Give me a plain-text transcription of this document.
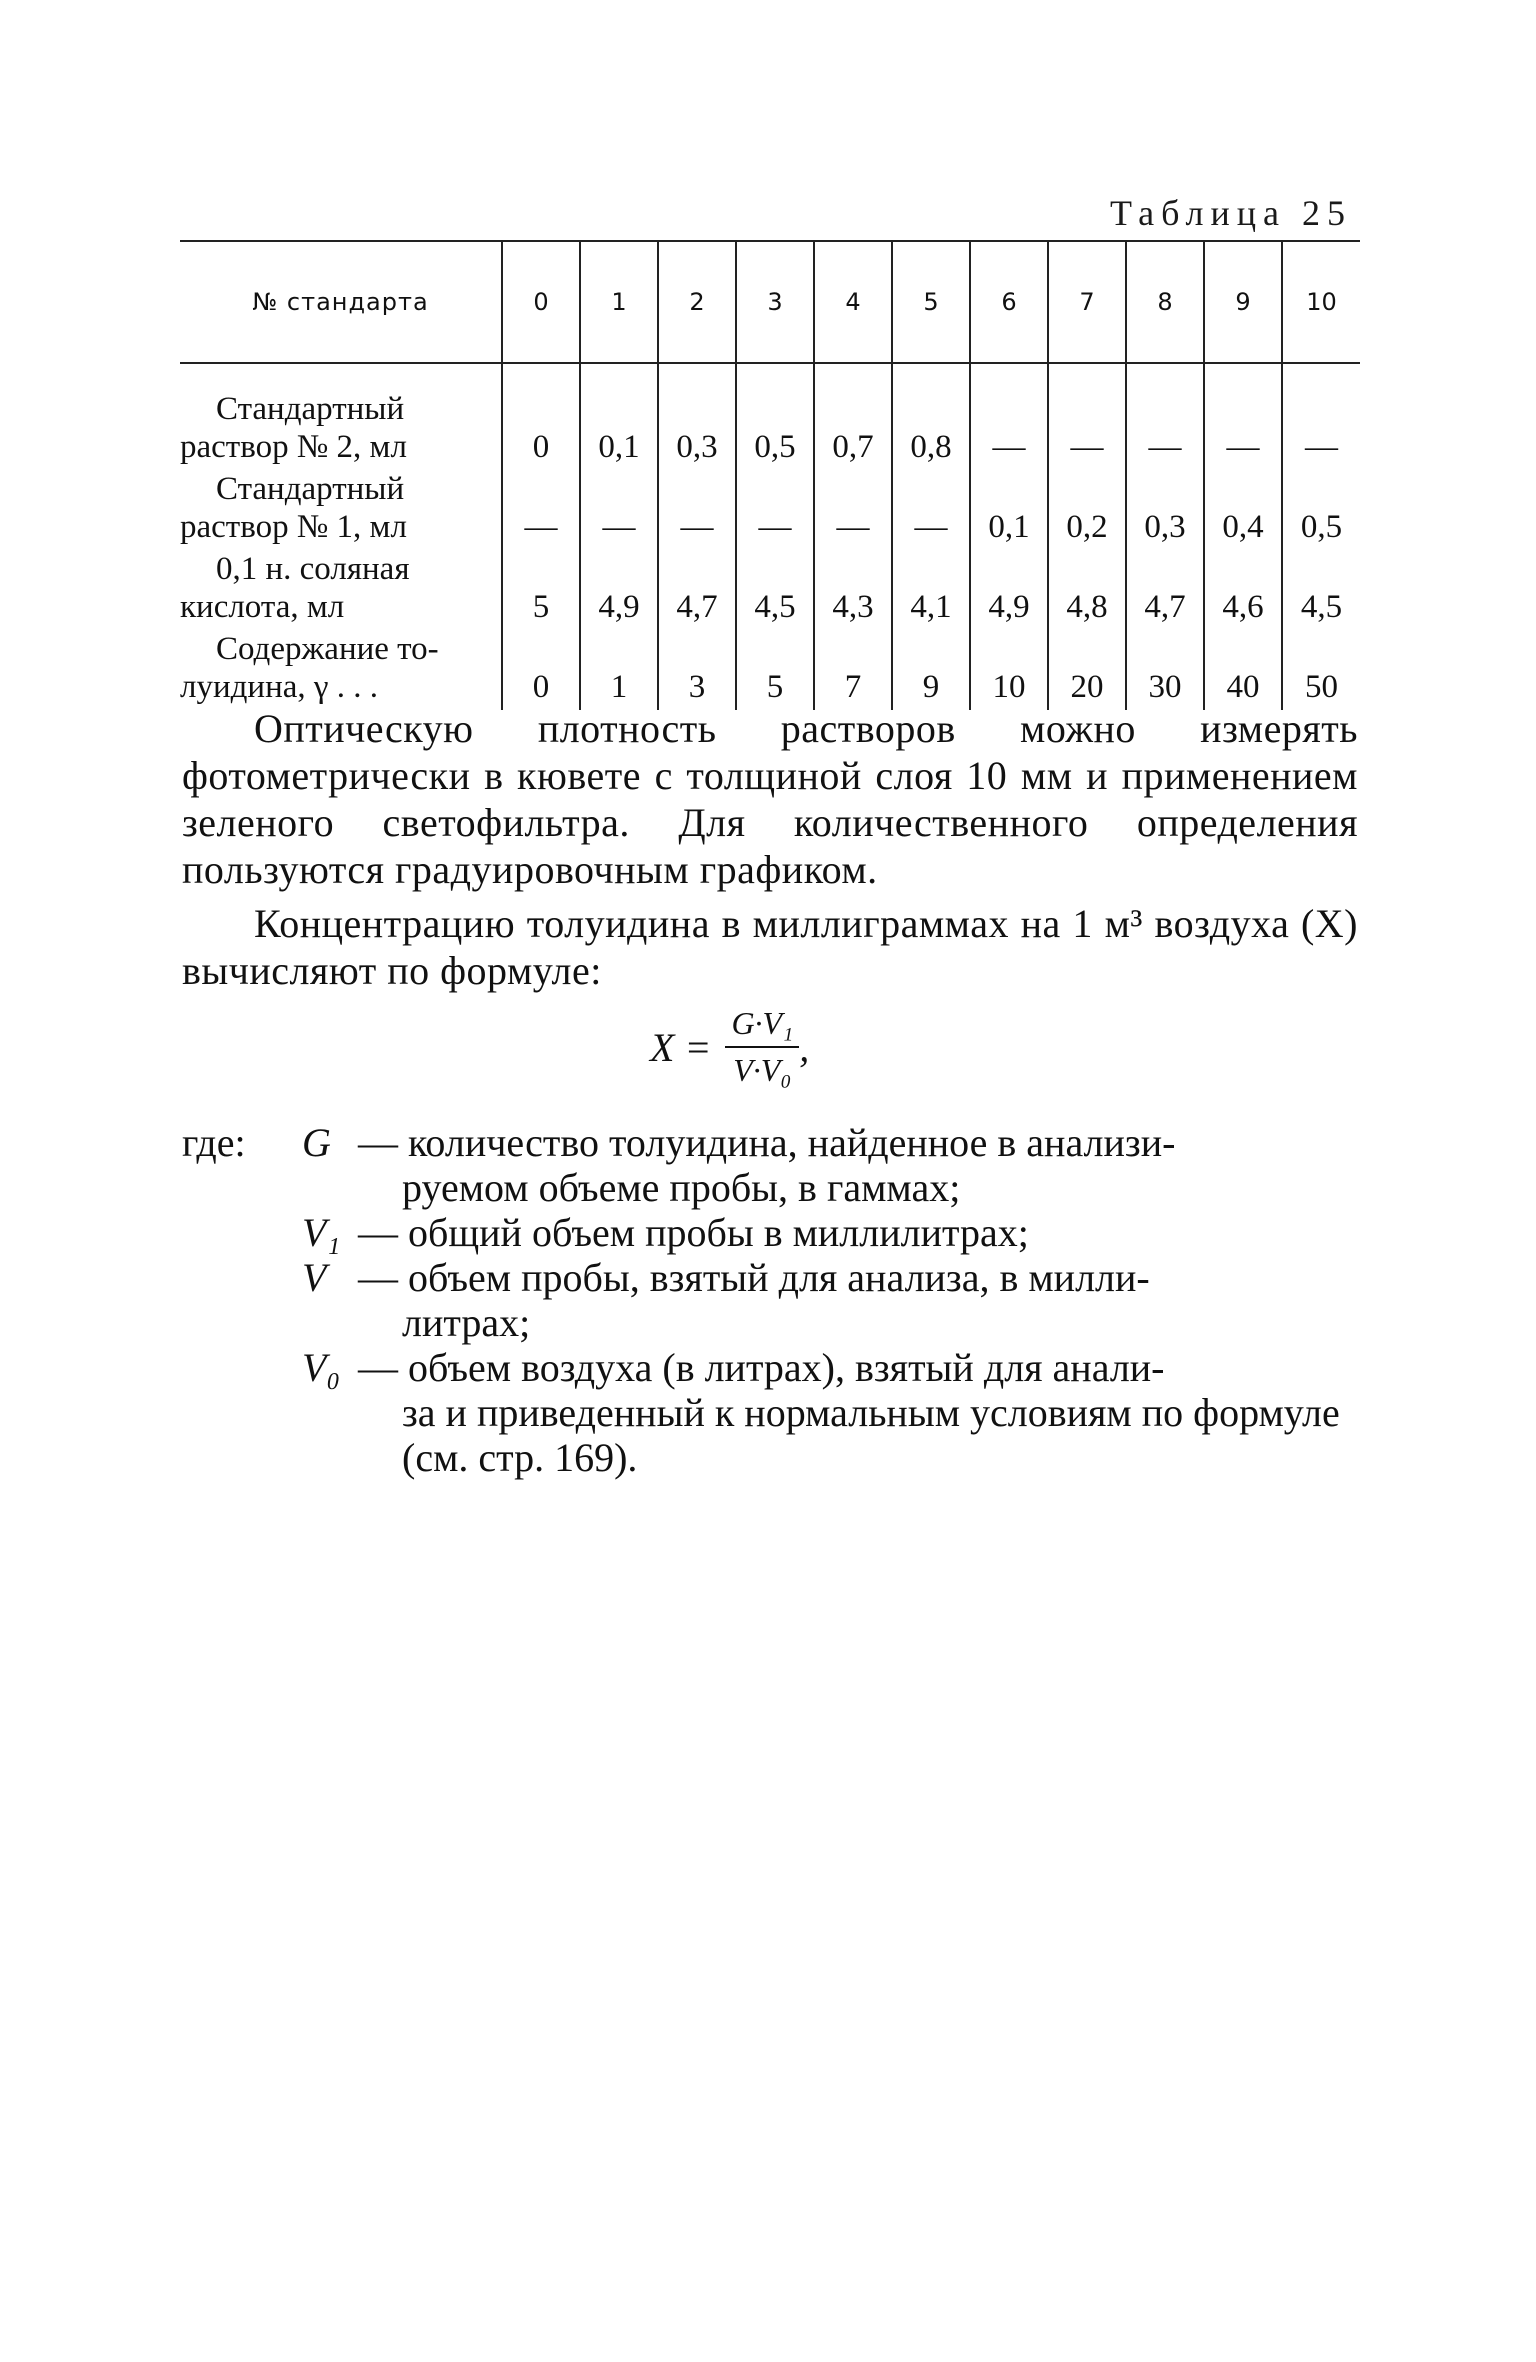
Таблица 25
№ стандарта	0	1	2	3	4	5	6	7	8	9	10

Стандартный
раствор № 2, мл	0	0,1	0,3	0,5	0,7	0,8	—	—	—	—	—

Стандартный
раствор № 1, мл	—	—	—	—	—	—	0,1	0,2	0,3	0,4	0,5

0,1 н. соляная
кислота, мл	5	4,9	4,7	4,5	4,3	4,1	4,9	4,8	4,7	4,6	4,5

Содержание то-
луидина, γ . . .	0	1	3	5	7	9	10	20	30	40	50
Оптическую плотность растворов можно измерять фотометрически в кювете с толщиной слоя 10 мм и применением зеленого светофильтра. Для количественного определения пользуются градуировочным графиком.
Концентрацию толуидина в миллиграммах на 1 м³ воздуха (X) вычисляют по формуле:
$X = \frac{\text{G·V₁}}{\text{V·V₀}}$ ,
где: G — количество толуидина, найденное в анализи-
руемом объеме пробы, в гаммах;
V₁ — общий объем пробы в миллилитрах;
V — объем пробы, взятый для анализа, в милли-
литрах;
V₀ — объем воздуха (в литрах), взятый для анали-
за и приведенный к нормальным условиям по формуле (см. стр. 169).
